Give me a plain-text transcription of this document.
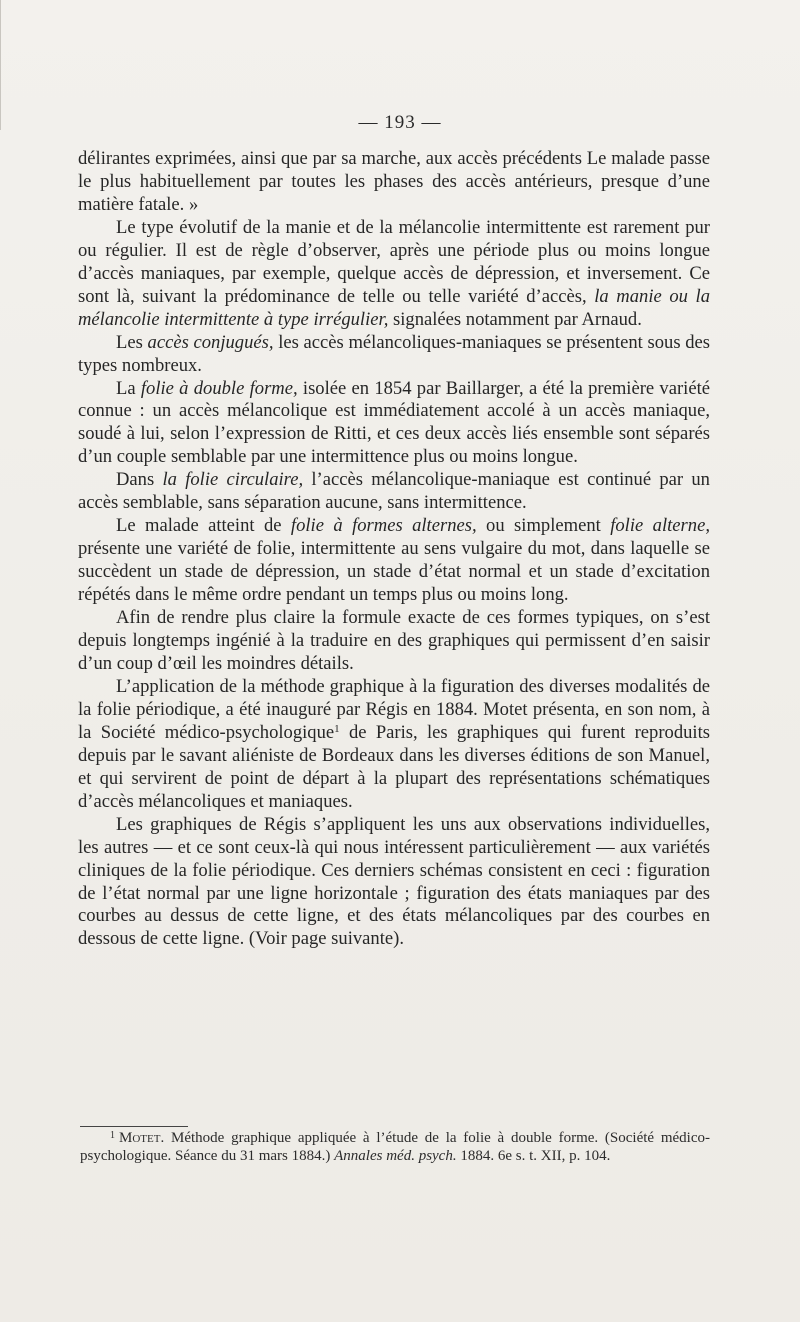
— 193 —

délirantes exprimées, ainsi que par sa marche, aux accès précédents Le malade passe le plus habituellement par toutes les phases des accès antérieurs, presque d’une matière fatale. »

Le type évolutif de la manie et de la mélancolie intermittente est rarement pur ou régulier. Il est de règle d’observer, après une période plus ou moins longue d’accès maniaques, par exemple, quelque accès de dépression, et inversement. Ce sont là, suivant la prédominance de telle ou telle variété d’accès, la manie ou la mélancolie intermittente à type irrégulier, signalées notamment par Arnaud.

Les accès conjugués, les accès mélancoliques-maniaques se présentent sous des types nombreux.

La folie à double forme, isolée en 1854 par Baillarger, a été la première variété connue : un accès mélancolique est immédiatement accolé à un accès maniaque, soudé à lui, selon l’expression de Ritti, et ces deux accès liés ensemble sont séparés d’un couple semblable par une intermittence plus ou moins longue.

Dans la folie circulaire, l’accès mélancolique-maniaque est continué par un accès semblable, sans séparation aucune, sans intermittence.

Le malade atteint de folie à formes alternes, ou simplement folie alterne, présente une variété de folie, intermittente au sens vulgaire du mot, dans laquelle se succèdent un stade de dépression, un stade d’état normal et un stade d’excitation répétés dans le même ordre pendant un temps plus ou moins long.

Afin de rendre plus claire la formule exacte de ces formes typiques, on s’est depuis longtemps ingénié à la traduire en des graphiques qui permissent d’en saisir d’un coup d’œil les moindres détails.

L’application de la méthode graphique à la figuration des diverses modalités de la folie périodique, a été inauguré par Régis en 1884. Motet présenta, en son nom, à la Société médico-psychologique$^1$ de Paris, les graphiques qui furent reproduits depuis par le savant aliéniste de Bordeaux dans les diverses éditions de son Manuel, et qui servirent de point de départ à la plupart des représentations schématiques d’accès mélancoliques et maniaques.

Les graphiques de Régis s’appliquent les uns aux observations individuelles, les autres — et ce sont ceux-là qui nous intéressent particulièrement — aux variétés cliniques de la folie périodique. Ces derniers schémas consistent en ceci : figuration de l’état normal par une ligne horizontale ; figuration des états maniaques par des courbes au dessus de cette ligne, et des états mélancoliques par des courbes en dessous de cette ligne. (Voir page suivante).

$^1$ Motet. Méthode graphique appliquée à l’étude de la folie à double forme. (Société médico-psychologique. Séance du 31 mars 1884.) Annales méd. psych. 1884. 6e s. t. XII, p. 104.
